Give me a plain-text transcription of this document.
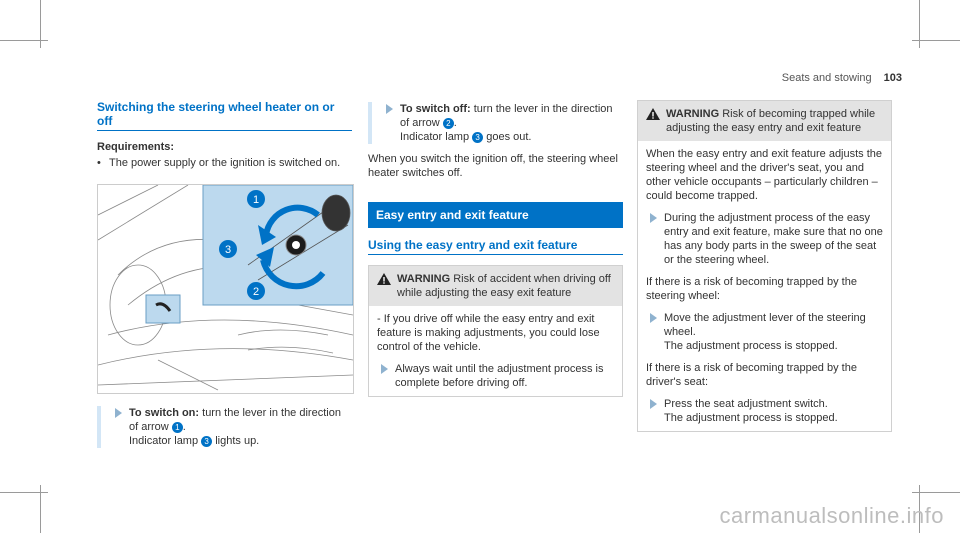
Seats and stowing 103
Switching the steering wheel heater on or off
Requirements:
• The power supply or the ignition is switched on.
1
2
3
To switch on: turn the lever in the direction
of arrow 1 .
Indicator lamp 3 lights up.
To switch off: turn the lever in the direction
of arrow 2 .
Indicator lamp 3 goes out.
When you switch the ignition off, the steering wheel heater switches off.
Easy entry and exit feature
Using the easy entry and exit feature
WARNING Risk of accident when driving off while adjusting the easy exit feature
- If you drive off while the easy entry and exit feature is making adjustments, you could lose control of the vehicle.
Always wait until the adjustment process is complete before driving off.
WARNING Risk of becoming trapped while adjusting the easy entry and exit feature
When the easy entry and exit feature adjusts the steering wheel and the driver's seat, you and other vehicle occupants – particularly children – could become trapped.
During the adjustment process of the easy entry and exit feature, make sure that no one has any body parts in the sweep of the seat or the steering wheel.
If there is a risk of becoming trapped by the steering wheel:
Move the adjustment lever of the steering wheel.
The adjustment process is stopped.
If there is a risk of becoming trapped by the driver's seat:
Press the seat adjustment switch.
The adjustment process is stopped.
carmanualsonline.info
